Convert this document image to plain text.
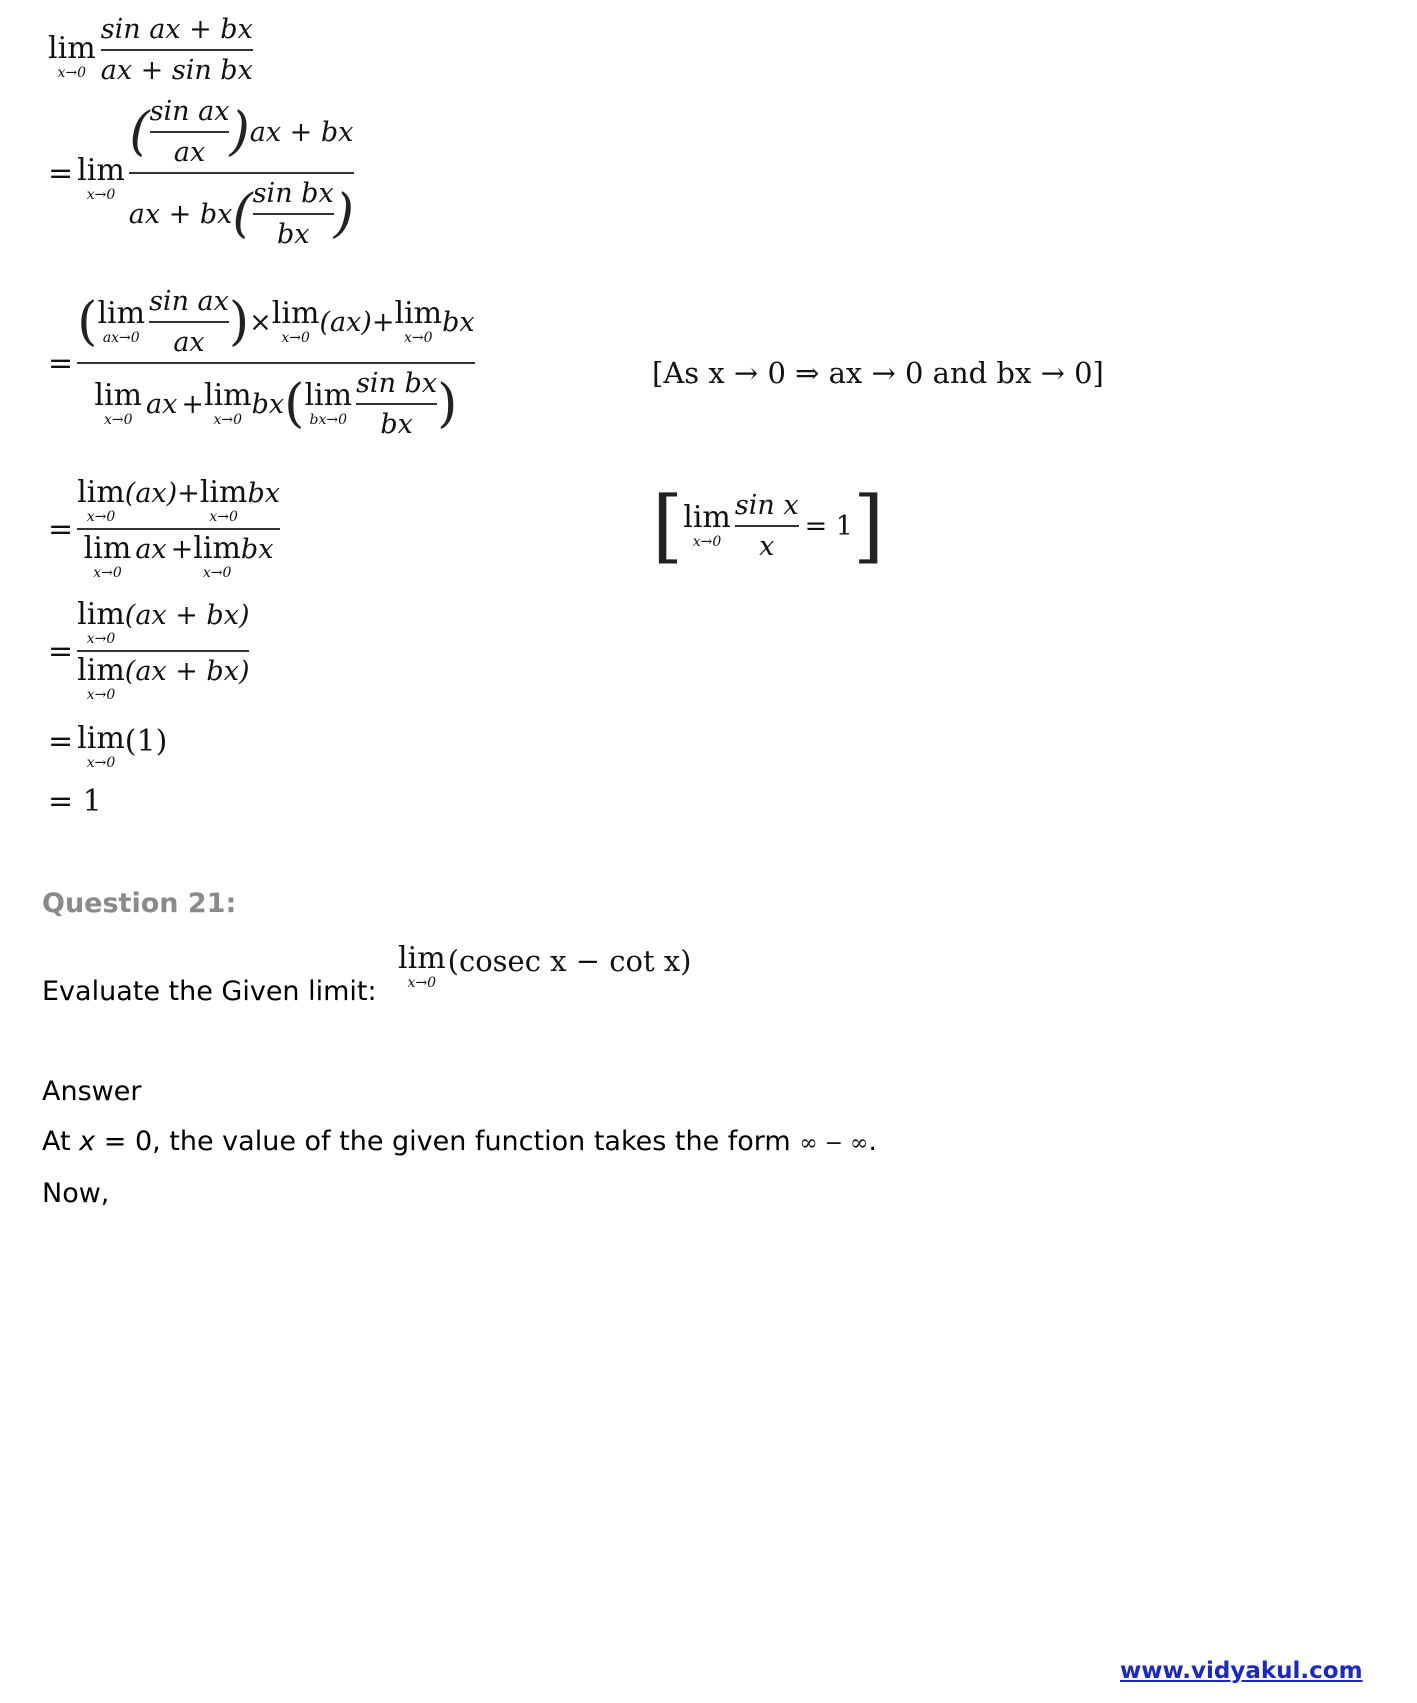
lim
x→0
$\frac{\text{sin ax + bx}}{\text{ax + sin bx}}$
= lim
$x\to 0 \frac{( \frac{\text{sin ax}}{ax} ) ax + bx}{ax + bx ( \frac{\text{sin bx}}{bx} )}$
=
( lim
$ax\to 0 \frac{\text{sin ax}}{ax}$ ) × lim
x→0
(ax) + lim
x→0
bx
lim
x→0
ax + lim
x→0
bx ( lim
$bx\to 0 \frac{\text{sin bx}}{bx}$ )
[As x → 0 ⇒ ax → 0 and bx → 0]
= lim
x→0
(ax) + lim
x→0
bx
lim
x→0
ax + lim
x→0
bx	[ lim
$x\to 0 \frac{\text{sin x}}{x} = 1$ ]
= lim
x→0
(ax + bx)
lim
x→0
(ax + bx)
= lim
x→0
(1)
= 1
Question 21:
Evaluate the Given limit:
lim
x→0
(cosec x − cot x)
Answer
At x = 0, the value of the given function takes the form ∞ − ∞.
Now,
www.vidyakul.com
